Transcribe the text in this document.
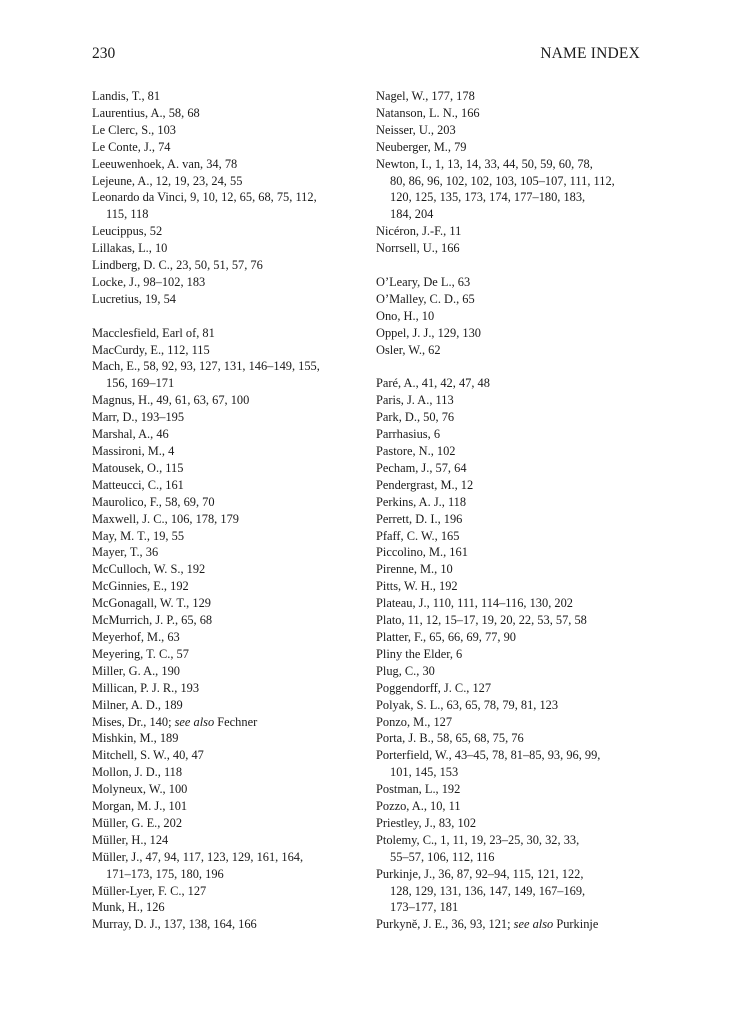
230	NAME INDEX
Landis, T., 81
Laurentius, A., 58, 68
Le Clerc, S., 103
Le Conte, J., 74
Leeuwenhoek, A. van, 34, 78
Lejeune, A., 12, 19, 23, 24, 55
Leonardo da Vinci, 9, 10, 12, 65, 68, 75, 112,
115, 118
Leucippus, 52
Lillakas, L., 10
Lindberg, D. C., 23, 50, 51, 57, 76
Locke, J., 98–102, 183
Lucretius, 19, 54
Macclesfield, Earl of, 81
MacCurdy, E., 112, 115
Mach, E., 58, 92, 93, 127, 131, 146–149, 155,
156, 169–171
Magnus, H., 49, 61, 63, 67, 100
Marr, D., 193–195
Marshal, A., 46
Massironi, M., 4
Matousek, O., 115
Matteucci, C., 161
Maurolico, F., 58, 69, 70
Maxwell, J. C., 106, 178, 179
May, M. T., 19, 55
Mayer, T., 36
McCulloch, W. S., 192
McGinnies, E., 192
McGonagall, W. T., 129
McMurrich, J. P., 65, 68
Meyerhof, M., 63
Meyering, T. C., 57
Miller, G. A., 190
Millican, P. J. R., 193
Milner, A. D., 189
Mises, Dr., 140; see also Fechner
Mishkin, M., 189
Mitchell, S. W., 40, 47
Mollon, J. D., 118
Molyneux, W., 100
Morgan, M. J., 101
Müller, G. E., 202
Müller, H., 124
Müller, J., 47, 94, 117, 123, 129, 161, 164,
171–173, 175, 180, 196
Müller-Lyer, F. C., 127
Munk, H., 126
Murray, D. J., 137, 138, 164, 166
Nagel, W., 177, 178
Natanson, L. N., 166
Neisser, U., 203
Neuberger, M., 79
Newton, I., 1, 13, 14, 33, 44, 50, 59, 60, 78,
80, 86, 96, 102, 102, 103, 105–107, 111, 112,
120, 125, 135, 173, 174, 177–180, 183,
184, 204
Nicéron, J.-F., 11
Norrsell, U., 166
O’Leary, De L., 63
O’Malley, C. D., 65
Ono, H., 10
Oppel, J. J., 129, 130
Osler, W., 62
Paré, A., 41, 42, 47, 48
Paris, J. A., 113
Park, D., 50, 76
Parrhasius, 6
Pastore, N., 102
Pecham, J., 57, 64
Pendergrast, M., 12
Perkins, A. J., 118
Perrett, D. I., 196
Pfaff, C. W., 165
Piccolino, M., 161
Pirenne, M., 10
Pitts, W. H., 192
Plateau, J., 110, 111, 114–116, 130, 202
Plato, 11, 12, 15–17, 19, 20, 22, 53, 57, 58
Platter, F., 65, 66, 69, 77, 90
Pliny the Elder, 6
Plug, C., 30
Poggendorff, J. C., 127
Polyak, S. L., 63, 65, 78, 79, 81, 123
Ponzo, M., 127
Porta, J. B., 58, 65, 68, 75, 76
Porterfield, W., 43–45, 78, 81–85, 93, 96, 99,
101, 145, 153
Postman, L., 192
Pozzo, A., 10, 11
Priestley, J., 83, 102
Ptolemy, C., 1, 11, 19, 23–25, 30, 32, 33,
55–57, 106, 112, 116
Purkinje, J., 36, 87, 92–94, 115, 121, 122,
128, 129, 131, 136, 147, 149, 167–169,
173–177, 181
Purkyně, J. E., 36, 93, 121; see also Purkinje
